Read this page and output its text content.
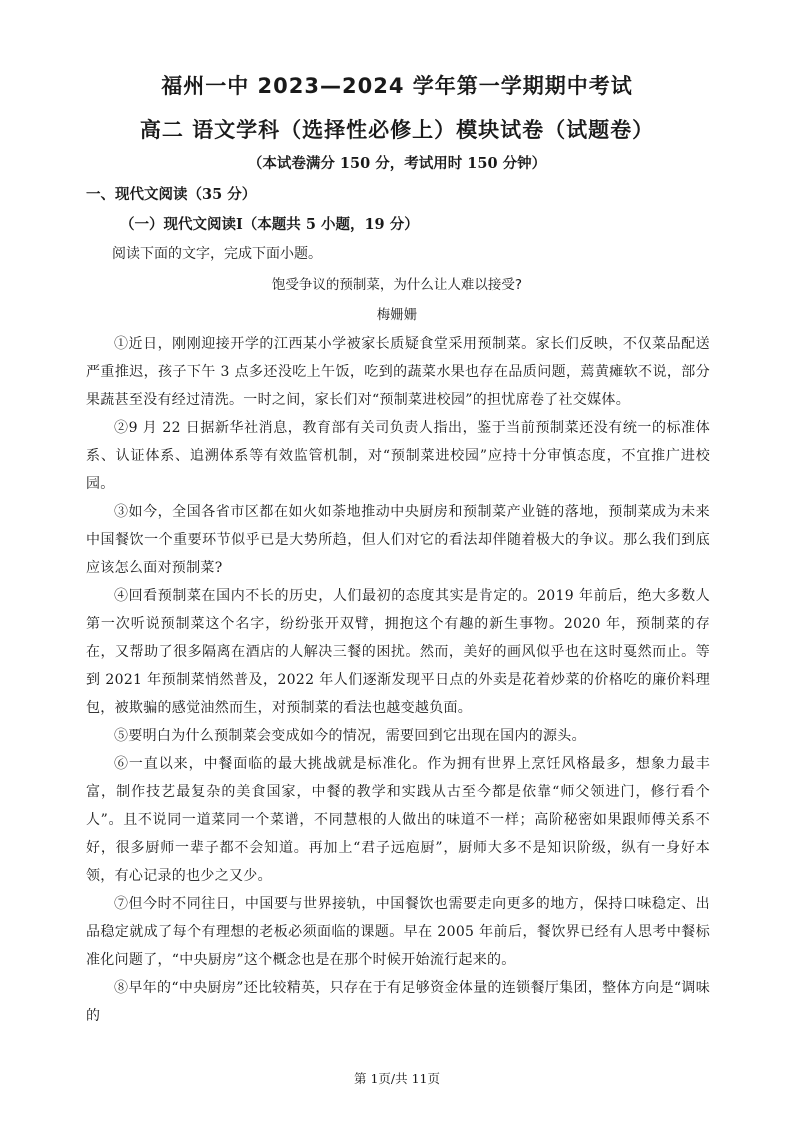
福州一中 2023—2024 学年第一学期期中考试
高二 语文学科（选择性必修上）模块试卷（试题卷）
（本试卷满分 150 分，考试用时 150 分钟）
一、现代文阅读（35 分）
（一）现代文阅读Ⅰ（本题共 5 小题，19 分）
阅读下面的文字，完成下面小题。
饱受争议的预制菜，为什么让人难以接受?
梅姗姗

①近日，刚刚迎接开学的江西某小学被家长质疑食堂采用预制菜。家长们反映，不仅菜品配送严重推迟，孩子下午 3 点多还没吃上午饭，吃到的蔬菜水果也存在品质问题，蔫黄瘫软不说，部分果蔬甚至没有经过清洗。一时之间，家长们对“预制菜进校园”的担忧席卷了社交媒体。

②9 月 22 日据新华社消息，教育部有关司负责人指出，鉴于当前预制菜还没有统一的标准体系、认证体系、追溯体系等有效监管机制，对“预制菜进校园”应持十分审慎态度，不宜推广进校园。

③如今，全国各省市区都在如火如荼地推动中央厨房和预制菜产业链的落地，预制菜成为未来中国餐饮一个重要环节似乎已是大势所趋，但人们对它的看法却伴随着极大的争议。那么我们到底应该怎么面对预制菜?

④回看预制菜在国内不长的历史，人们最初的态度其实是肯定的。2019 年前后，绝大多数人第一次听说预制菜这个名字，纷纷张开双臂，拥抱这个有趣的新生事物。2020 年，预制菜的存在，又帮助了很多隔离在酒店的人解决三餐的困扰。然而，美好的画风似乎也在这时戛然而止。等到 2021 年预制菜悄然普及，2022 年人们逐渐发现平日点的外卖是花着炒菜的价格吃的廉价料理包，被欺骗的感觉油然而生，对预制菜的看法也越变越负面。

⑤要明白为什么预制菜会变成如今的情况，需要回到它出现在国内的源头。

⑥一直以来，中餐面临的最大挑战就是标准化。作为拥有世界上烹饪风格最多，想象力最丰富，制作技艺最复杂的美食国家，中餐的教学和实践从古至今都是依靠“师父领进门，修行看个人”。且不说同一道菜同一个菜谱，不同慧根的人做出的味道不一样；高阶秘密如果跟师傅关系不好，很多厨师一辈子都不会知道。再加上“君子远庖厨”，厨师大多不是知识阶级，纵有一身好本领，有心记录的也少之又少。

⑦但今时不同往日，中国要与世界接轨，中国餐饮也需要走向更多的地方，保持口味稳定、出品稳定就成了每个有理想的老板必须面临的课题。早在 2005 年前后，餐饮界已经有人思考中餐标准化问题了，“中央厨房”这个概念也是在那个时候开始流行起来的。

⑧早年的“中央厨房”还比较精英，只存在于有足够资金体量的连锁餐厅集团，整体方向是“调味的

第 1页/共 11页
